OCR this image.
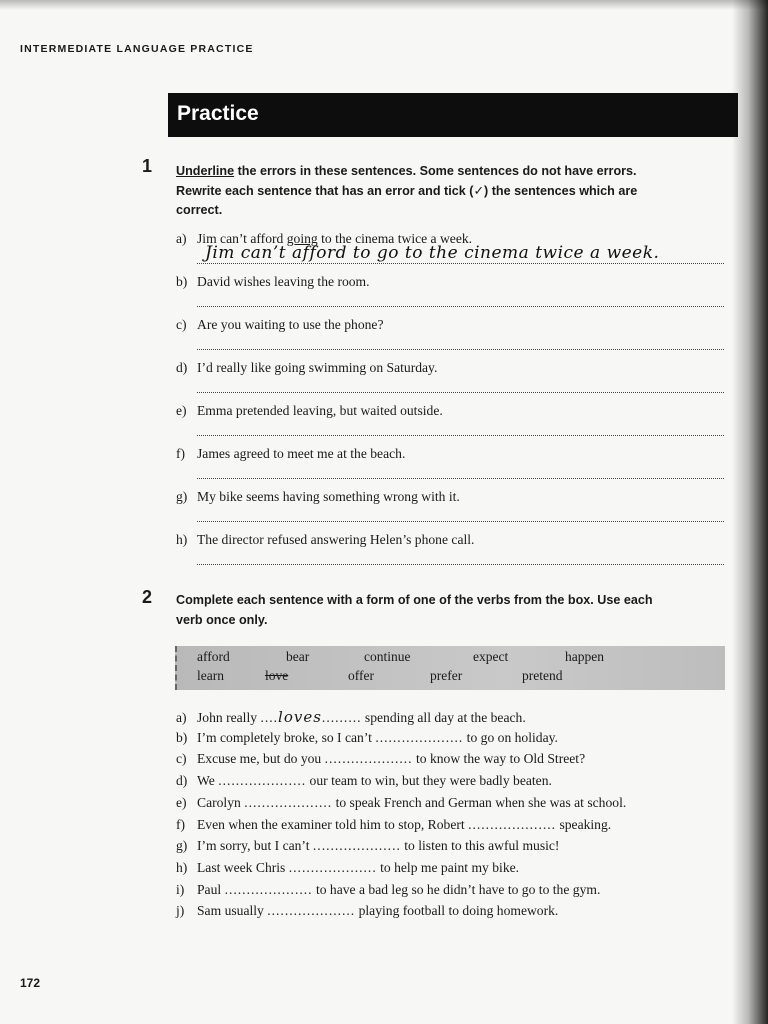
INTERMEDIATE LANGUAGE PRACTICE
Practice
1 Underline the errors in these sentences. Some sentences do not have errors.
Rewrite each sentence that has an error and tick (✓) the sentences which are
correct.
a) Jim can’t afford going to the cinema twice a week.
Jim can’t afford to go to the cinema twice a week.
b) David wishes leaving the room.
c) Are you waiting to use the phone?
d) I’d really like going swimming on Saturday.
e) Emma pretended leaving, but waited outside.
f) James agreed to meet me at the beach.
g) My bike seems having something wrong with it.
h) The director refused answering Helen’s phone call.
2 Complete each sentence with a form of one of the verbs from the box. Use each
verb once only.
afford	bear	continue	expect	happen
learn	love	offer	prefer	pretend
a) John really ....loves......... spending all day at the beach.
b) I’m completely broke, so I can’t .................... to go on holiday.
c) Excuse me, but do you .................... to know the way to Old Street?
d) We .................... our team to win, but they were badly beaten.
e) Carolyn .................... to speak French and German when she was at school.
f) Even when the examiner told him to stop, Robert .................... speaking.
g) I’m sorry, but I can’t .................... to listen to this awful music!
h) Last week Chris .................... to help me paint my bike.
i) Paul .................... to have a bad leg so he didn’t have to go to the gym.
j) Sam usually .................... playing football to doing homework.
172
